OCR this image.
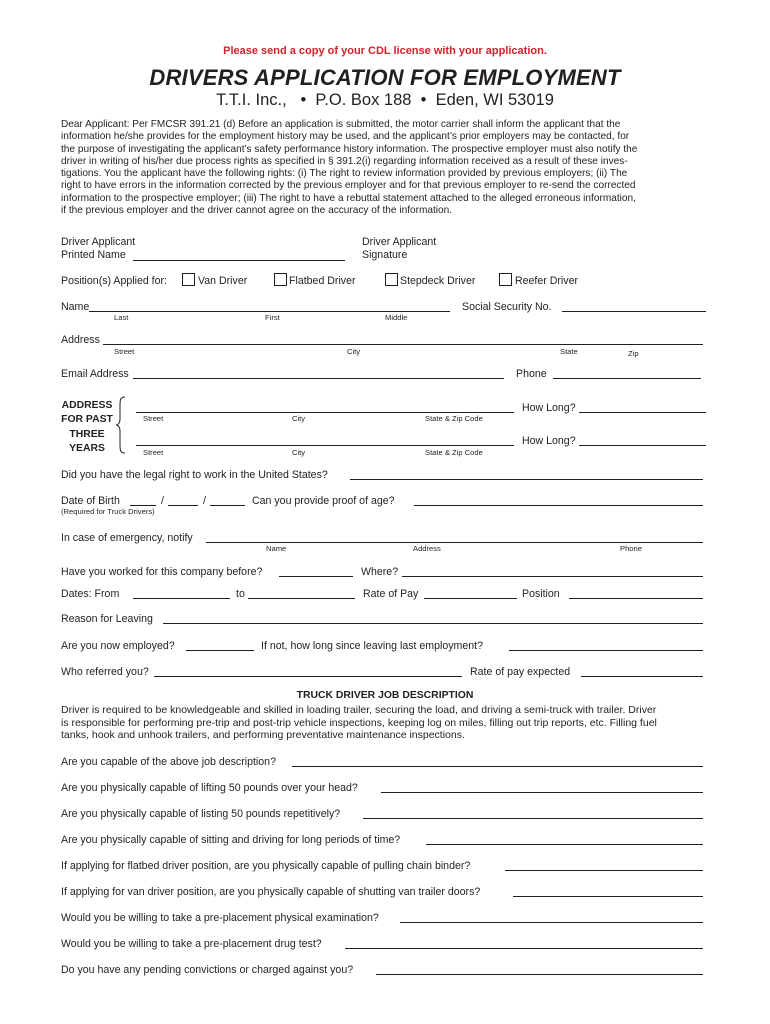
Please send a copy of your CDL license with your application.
DRIVERS APPLICATION FOR EMPLOYMENT
T.T.I. Inc., • P.O. Box 188 • Eden, WI 53019
Dear Applicant: Per FMCSR 391.21 (d) Before an application is submitted, the motor carrier shall inform the applicant that the
information he/she provides for the employment history may be used, and the applicant’s prior employers may be contacted, for
the purpose of investigating the applicant’s safety performance history information. The prospective employer must also notify the
driver in writing of his/her due process rights as specified in § 391.2(i) regarding information received as a result of these inves-
tigations. You the applicant have the following rights: (i) The right to review information provided by previous employers; (ii) The
right to have errors in the information corrected by the previous employer and for that previous employer to re-send the corrected
information to the prospective employer; (iii) The right to have a rebuttal statement attached to the alleged erroneous information,
if the previous employer and the driver cannot agree on the accuracy of the information.
Driver Applicant
Printed Name
Driver Applicant
Signature
Position(s) Applied for:	Van Driver	Flatbed Driver	Stepdeck Driver	Reefer Driver
Name
Last	First	Middle
Social Security No.
Address
Street	City	State	Zip
Email Address	Phone
ADDRESS
FOR PAST
THREE
YEARS
Street	City	State & Zip Code
How Long?
Street	City	State & Zip Code
How Long?
Did you have the legal right to work in the United States?
Date of Birth	/	/	Can you provide proof of age?
(Required for Truck Drivers)
In case of emergency, notify
Name	Address	Phone
Have you worked for this company before?	Where?
Dates: From	to	Rate of Pay	Position
Reason for Leaving
Are you now employed?	If not, how long since leaving last employment?
Who referred you?	Rate of pay expected
TRUCK DRIVER JOB DESCRIPTION
Driver is required to be knowledgeable and skilled in loading trailer, securing the load, and driving a semi-truck with trailer. Driver
is responsible for performing pre-trip and post-trip vehicle inspections, keeping log on miles, filling out trip reports, etc. Filling fuel
tanks, hook and unhook trailers, and performing preventative maintenance inspections.
Are you capable of the above job description?
Are you physically capable of lifting 50 pounds over your head?
Are you physically capable of listing 50 pounds repetitively?
Are you physically capable of sitting and driving for long periods of time?
If applying for flatbed driver position, are you physically capable of pulling chain binder?
If applying for van driver position, are you physically capable of shutting van trailer doors?
Would you be willing to take a pre-placement physical examination?
Would you be willing to take a pre-placement drug test?
Do you have any pending convictions or charged against you?
